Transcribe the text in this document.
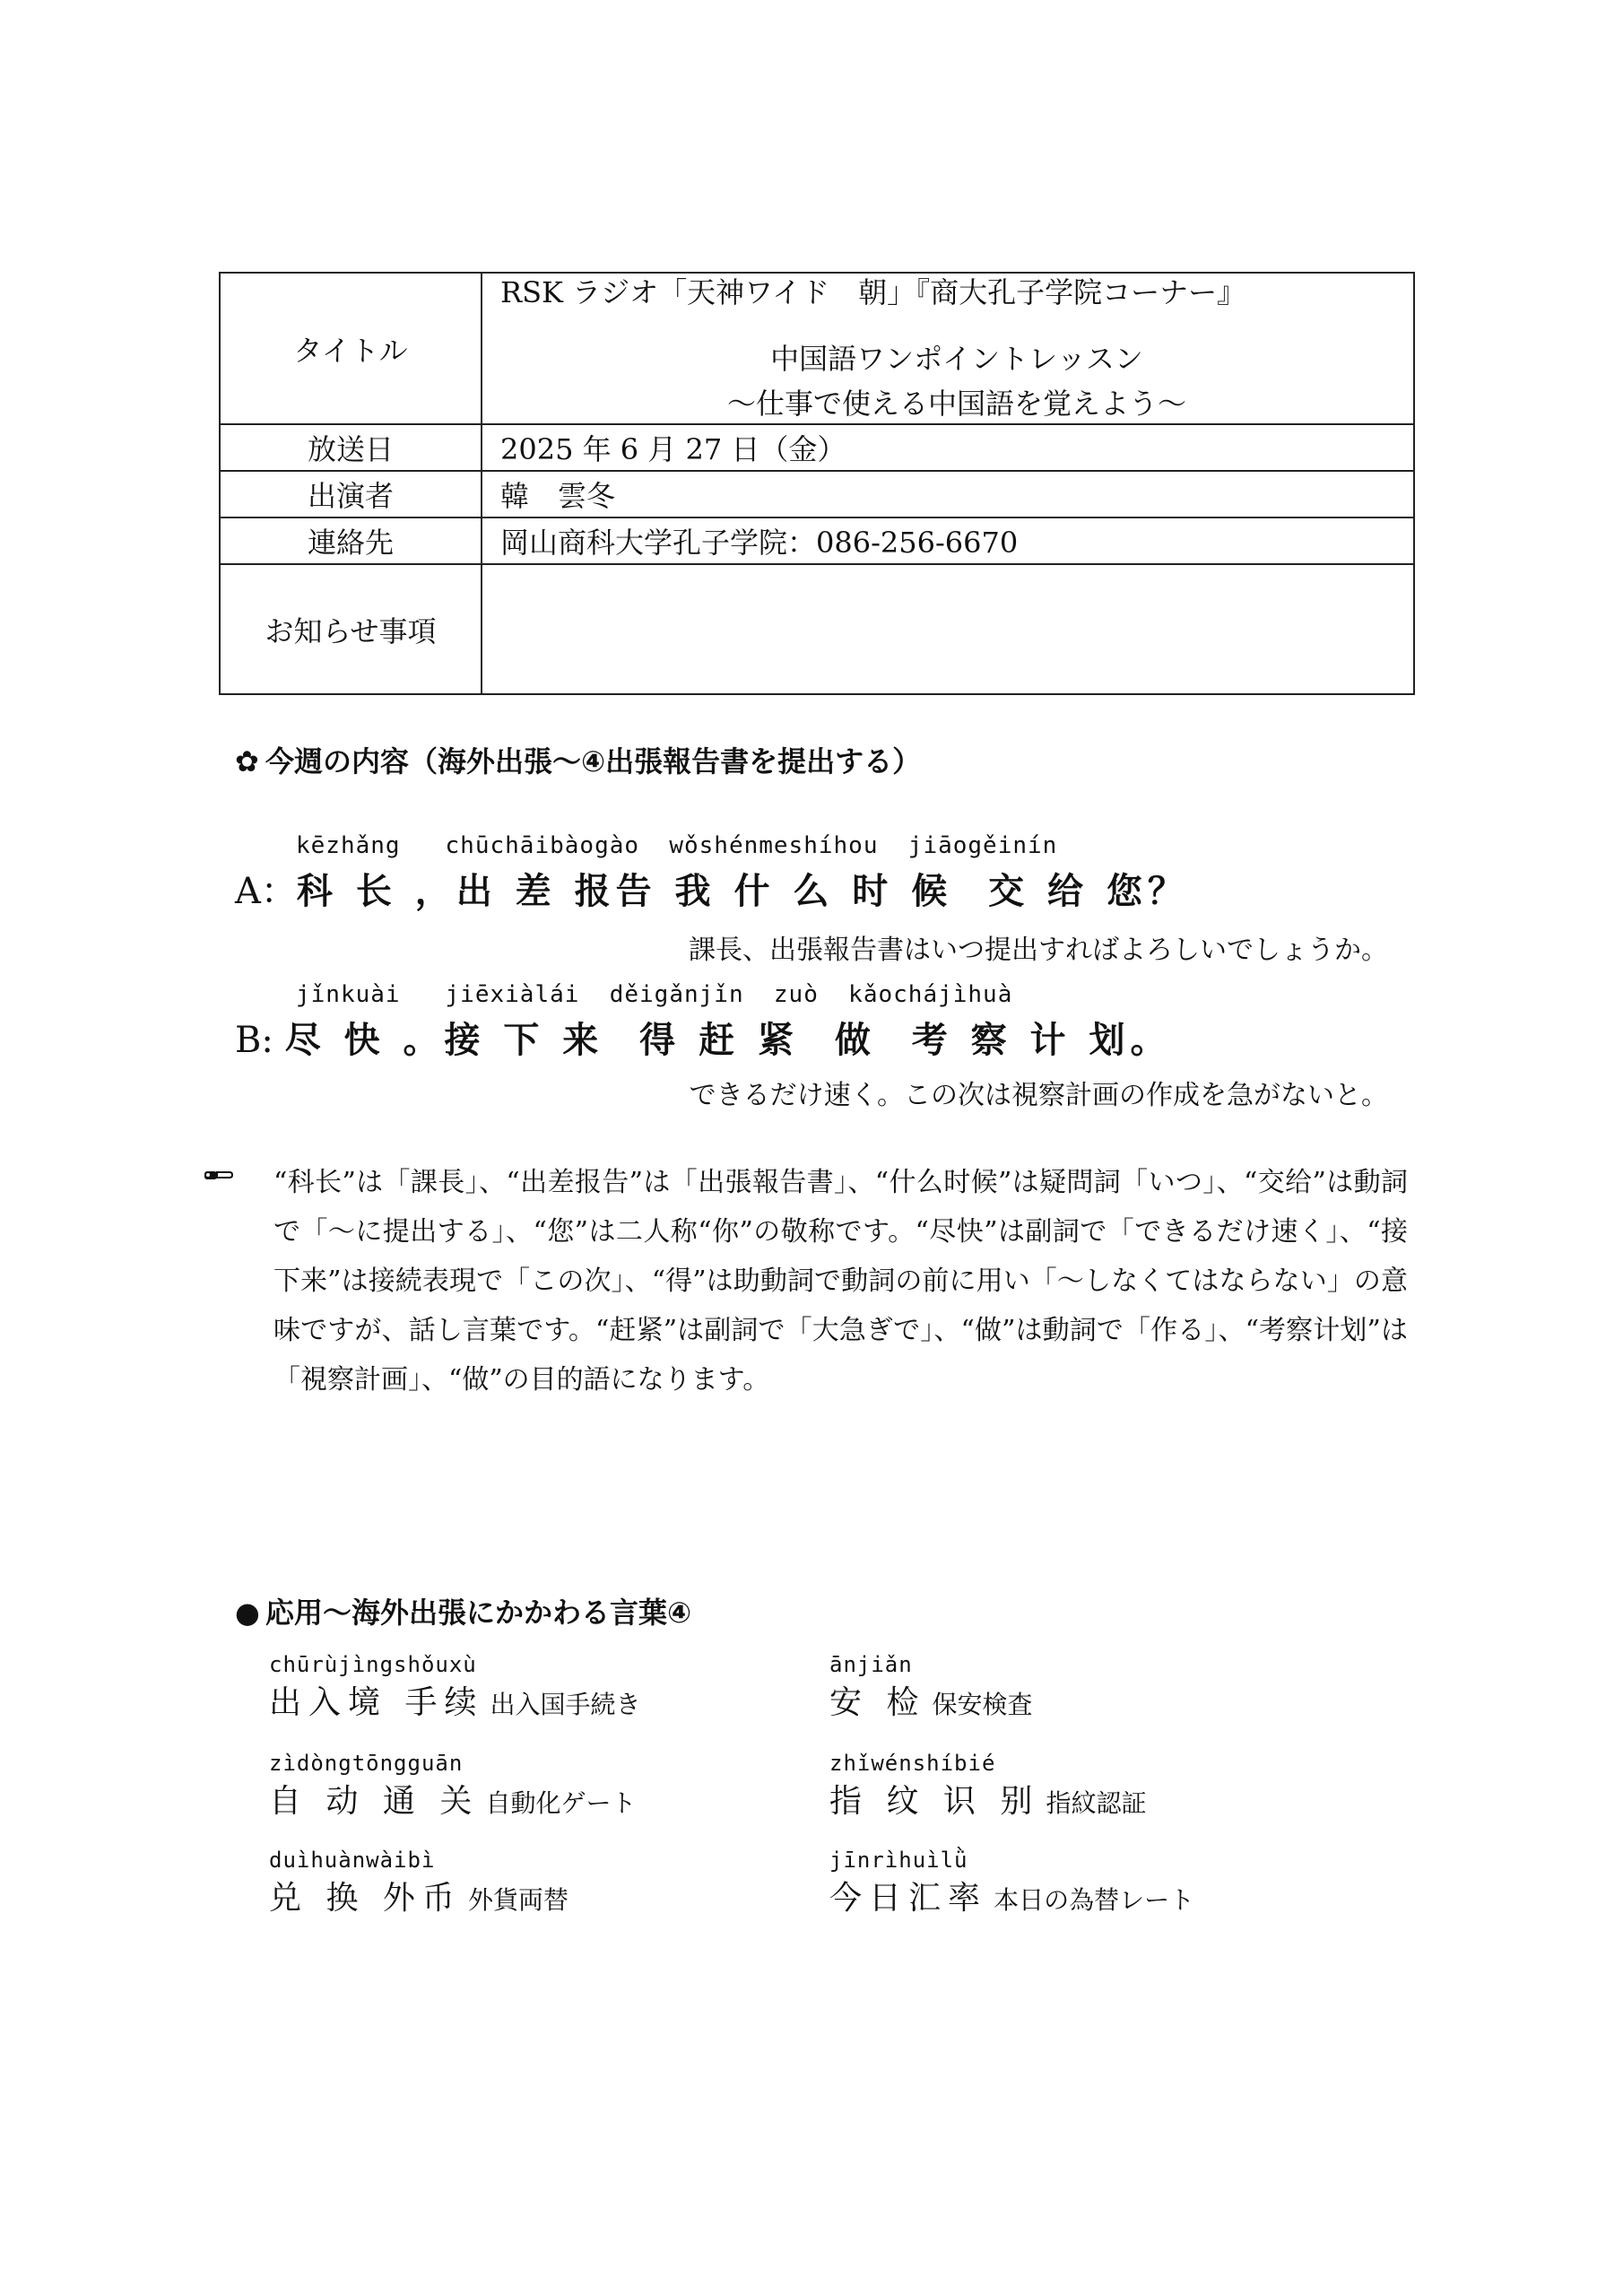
タイトル	RSK ラジオ「天神ワイド　朝」『商大孔子学院コーナー』
中国語ワンポイントレッスン
～仕事で使える中国語を覚えよう～

放送日	2025 年 6 月 27 日（金）
出演者	韓　雲冬
連絡先	岡山商科大学孔子学院：086-256-6670
お知らせ事項	
✿ 今週の内容（海外出張～④出張報告書を提出する）
kēzhǎng   chūchāibàogào  wǒshénmeshíhou  jiāogěinín
A：科 长 ，出 差 报告 我 什 么 时 候  交 给 您？
課長、出張報告書はいつ提出すればよろしいでしょうか。
jǐnkuài   jiēxiàlái  děigǎnjǐn  zuò  kǎochájìhuà
B: 尽 快 。接 下 来  得 赶 紧  做  考 察 计 划。
できるだけ速く。この次は視察計画の作成を急がないと。
“科长”は「課長」、“出差报告”は「出張報告書」、“什么时候”は疑問詞「いつ」、“交给”は動詞で「～に提出する」、“您”は二人称“你”の敬称です。“尽快”は副詞で「できるだけ速く」、“接下来”は接続表現で「この次」、“得”は助動詞で動詞の前に用い「～しなくてはならない」の意味ですが、話し言葉です。“赶紧”は副詞で「大急ぎで」、“做”は動詞で「作る」、“考察计划”は「視察計画」、“做”の目的語になります。
● 応用～海外出張にかかわる言葉④
chūrùjìngshǒuxù
出入境 手续 出入国手続き
ānjiǎn
安 检 保安検査
zìdòngtōngguān
自 动 通 关 自動化ゲート
zhǐwénshíbié
指 纹 识 别 指紋認証
duìhuànwàibì
兑 换 外币 外貨両替
jīnrìhuìlǜ
今日汇率 本日の為替レート
